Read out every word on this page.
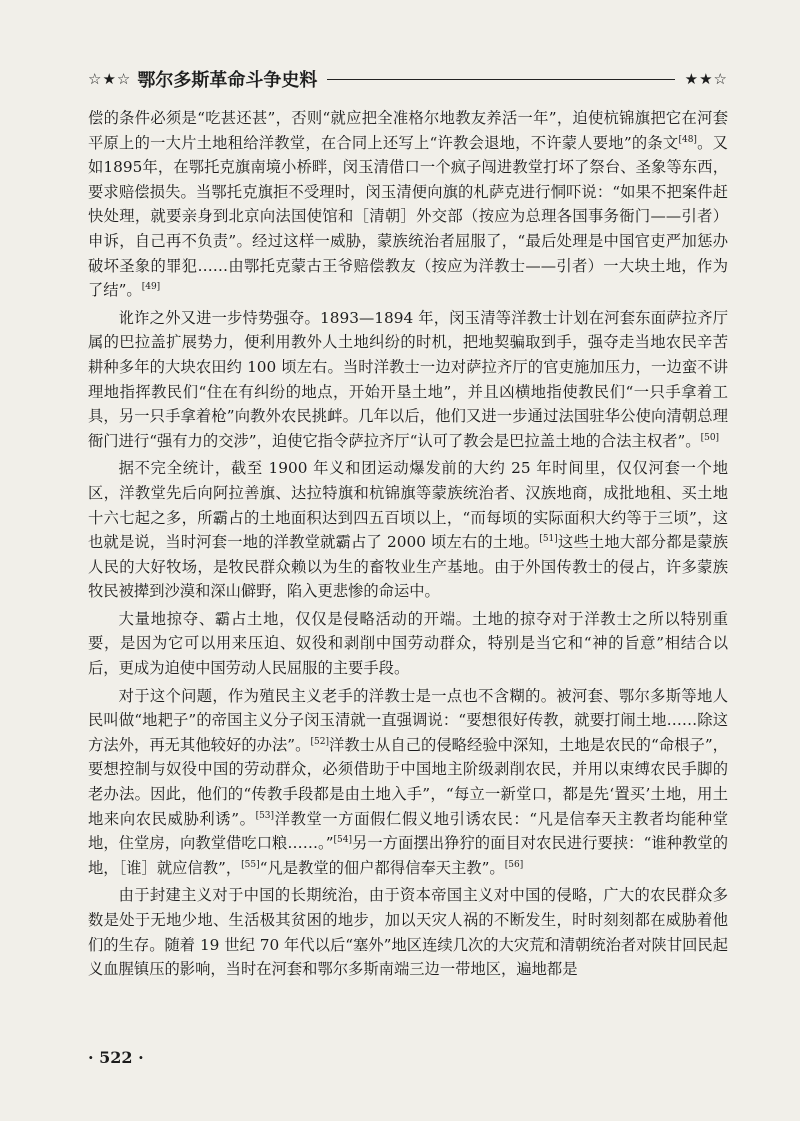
☆★☆ 鄂尔多斯革命斗争史料	★★☆

偿的条件必须是“吃甚还甚”，否则“就应把全准格尔地教友养活一年”，迫使杭锦旗把它在河套平原上的一大片土地租给洋教堂，在合同上还写上“许教会退地，不许蒙人要地”的条文[48]。又如1895年，在鄂托克旗南境小桥畔，闵玉清借口一个疯子闯进教堂打坏了祭台、圣象等东西，要求赔偿损失。当鄂托克旗拒不受理时，闵玉清便向旗的札萨克进行恫吓说：“如果不把案件赶快处理，就要亲身到北京向法国使馆和［清朝］外交部（按应为总理各国事务衙门——引者）申诉，自己再不负责”。经过这样一威胁，蒙族统治者屈服了，“最后处理是中国官吏严加惩办破坏圣象的罪犯……由鄂托克蒙古王爷赔偿教友（按应为洋教士——引者）一大块土地，作为了结”。[49]

讹诈之外又进一步恃势强夺。1893—1894 年，闵玉清等洋教士计划在河套东面萨拉齐厅属的巴拉盖扩展势力，便利用教外人土地纠纷的时机，把地契骗取到手，强夺走当地农民辛苦耕种多年的大块农田约 100 顷左右。当时洋教士一边对萨拉齐厅的官吏施加压力，一边蛮不讲理地指挥教民们“住在有纠纷的地点，开始开垦土地”，并且凶横地指使教民们“一只手拿着工具，另一只手拿着枪”向教外农民挑衅。几年以后，他们又进一步通过法国驻华公使向清朝总理衙门进行“强有力的交涉”，迫使它指令萨拉齐厅“认可了教会是巴拉盖土地的合法主权者”。[50]

据不完全统计，截至 1900 年义和团运动爆发前的大约 25 年时间里，仅仅河套一个地区，洋教堂先后向阿拉善旗、达拉特旗和杭锦旗等蒙族统治者、汉族地商，成批地租、买土地十六七起之多，所霸占的土地面积达到四五百顷以上，“而每顷的实际面积大约等于三顷”，这也就是说，当时河套一地的洋教堂就霸占了 2000 顷左右的土地。[51]这些土地大部分都是蒙族人民的大好牧场，是牧民群众赖以为生的畜牧业生产基地。由于外国传教士的侵占，许多蒙族牧民被撵到沙漠和深山僻野，陷入更悲惨的命运中。

大量地掠夺、霸占土地，仅仅是侵略活动的开端。土地的掠夺对于洋教士之所以特别重要，是因为它可以用来压迫、奴役和剥削中国劳动群众，特别是当它和“神的旨意”相结合以后，更成为迫使中国劳动人民屈服的主要手段。

对于这个问题，作为殖民主义老手的洋教士是一点也不含糊的。被河套、鄂尔多斯等地人民叫做“地耙子”的帝国主义分子闵玉清就一直强调说：“要想很好传教，就要打闹土地……除这方法外，再无其他较好的办法”。[52]洋教士从自己的侵略经验中深知，土地是农民的“命根子”，要想控制与奴役中国的劳动群众，必须借助于中国地主阶级剥削农民，并用以束缚农民手脚的老办法。因此，他们的“传教手段都是由土地入手”，“每立一新堂口，都是先‘置买’土地，用土地来向农民威胁利诱”。[53]洋教堂一方面假仁假义地引诱农民：“凡是信奉天主教者均能种堂地，住堂房，向教堂借吃口粮……。”[54]另一方面摆出狰狞的面目对农民进行要挟：“谁种教堂的地，［谁］就应信教”，[55]“凡是教堂的佃户都得信奉天主教”。[56]

由于封建主义对于中国的长期统治，由于资本帝国主义对中国的侵略，广大的农民群众多数是处于无地少地、生活极其贫困的地步，加以天灾人祸的不断发生，时时刻刻都在威胁着他们的生存。随着 19 世纪 70 年代以后“塞外”地区连续几次的大灾荒和清朝统治者对陕甘回民起义血腥镇压的影响，当时在河套和鄂尔多斯南端三边一带地区，遍地都是

· 522 ·
